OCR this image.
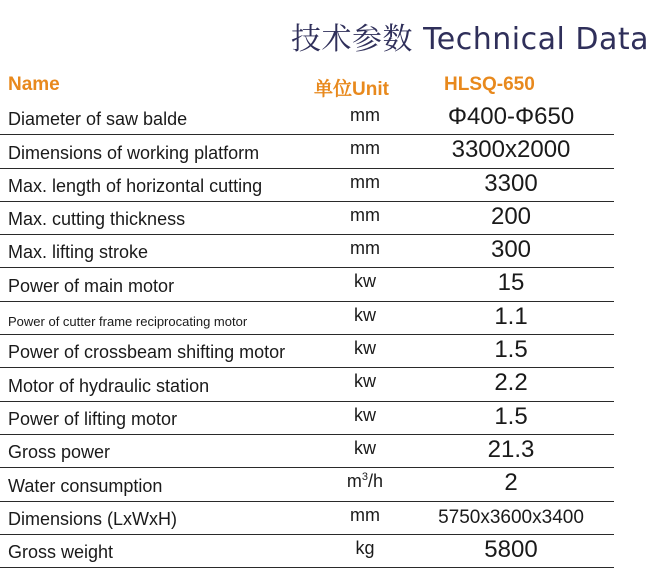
技术参数 Technical Data
Name	单位Unit	HLSQ-650
Diameter of saw balde	mm	Φ400-Φ650
Dimensions of working platform	mm	3300x2000
Max. length of horizontal cutting	mm	3300
Max. cutting thickness	mm	200
Max. lifting stroke	mm	300
Power of main motor	kw	15
Power of cutter frame reciprocating motor	kw	1.1
Power of crossbeam shifting motor	kw	1.5
Motor of hydraulic station	kw	2.2
Power of lifting motor	kw	1.5
Gross power	kw	21.3
Water consumption	$m^3/h$	2
Dimensions (LxWxH)	mm	5750x3600x3400
Gross weight	kg	5800
